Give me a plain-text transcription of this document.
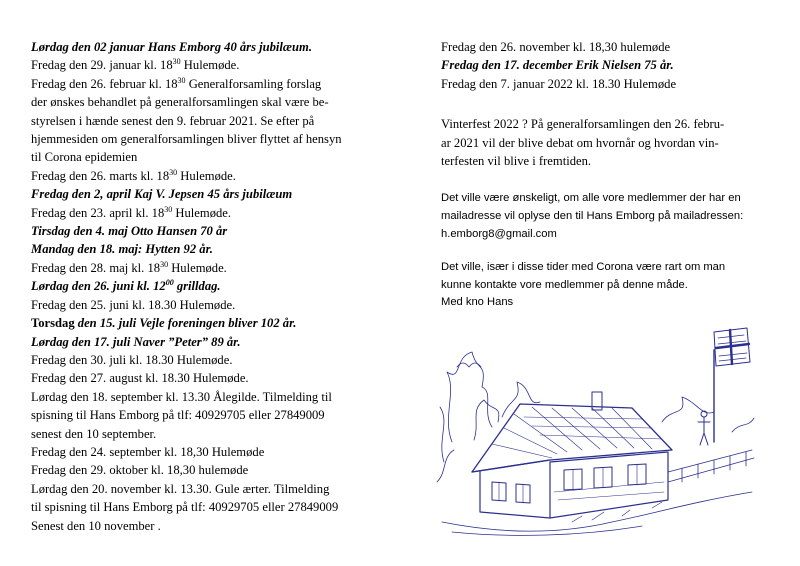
Lørdag den 02 januar Hans Emborg 40 års jubilæum.
Fredag den 29. januar kl. $18^{30}$ Hulemøde.
Fredag den 26. februar kl. $18^{30}$ Generalforsamling forslag
der ønskes behandlet på generalforsamlingen skal være be-
styrelsen i hænde senest den 9. februar 2021. Se efter på
hjemmesiden om generalforsamlingen bliver flyttet af hensyn
til Corona epidemien
Fredag den 26. marts kl. $18^{30}$ Hulemøde.
Fredag den 2, april Kaj V. Jepsen 45 års jubilæum
Fredag den 23. april kl. $18^{30}$ Hulemøde.
Tirsdag den 4. maj Otto Hansen 70 år
Mandag den 18. maj: Hytten 92 år.
Fredag den 28. maj kl. $18^{30}$ Hulemøde.
Lørdag den 26. juni kl. $12^{00}$ grilldag.
Fredag den 25. juni kl. 18.30 Hulemøde.
Torsdag den 15. juli Vejle foreningen bliver 102 år.
Lørdag den 17. juli Naver ”Peter” 89 år.
Fredag den 30. juli kl. 18.30 Hulemøde.
Fredag den 27. august kl. 18.30 Hulemøde.
Lørdag den 18. september kl. 13.30 Ålegilde. Tilmelding til
spisning til Hans Emborg på tlf: 40929705 eller 27849009
senest den 10 september.
Fredag den 24. september kl. 18,30 Hulemøde
Fredag den 29. oktober kl. 18,30 hulemøde
Lørdag den 20. november kl. 13.30. Gule ærter. Tilmelding
til spisning til Hans Emborg på tlf: 40929705 eller 27849009
Senest den 10 november .
Fredag den 26. november kl. 18,30 hulemøde
Fredag den 17. december Erik Nielsen 75 år.
Fredag den 7. januar 2022 kl. 18.30 Hulemøde
Vinterfest 2022 ? På generalforsamlingen den 26. febru-
ar 2021 vil der blive debat om hvornår og hvordan vin-
terfesten vil blive i fremtiden.
Det ville være ønskeligt, om alle vore medlemmer der har en
mailadresse vil oplyse den til Hans Emborg på mailadressen:
h.emborg8@gmail.com
Det ville, især i disse tider med Corona være rart om man
kunne kontakte vore medlemmer på denne måde.
Med kno Hans
